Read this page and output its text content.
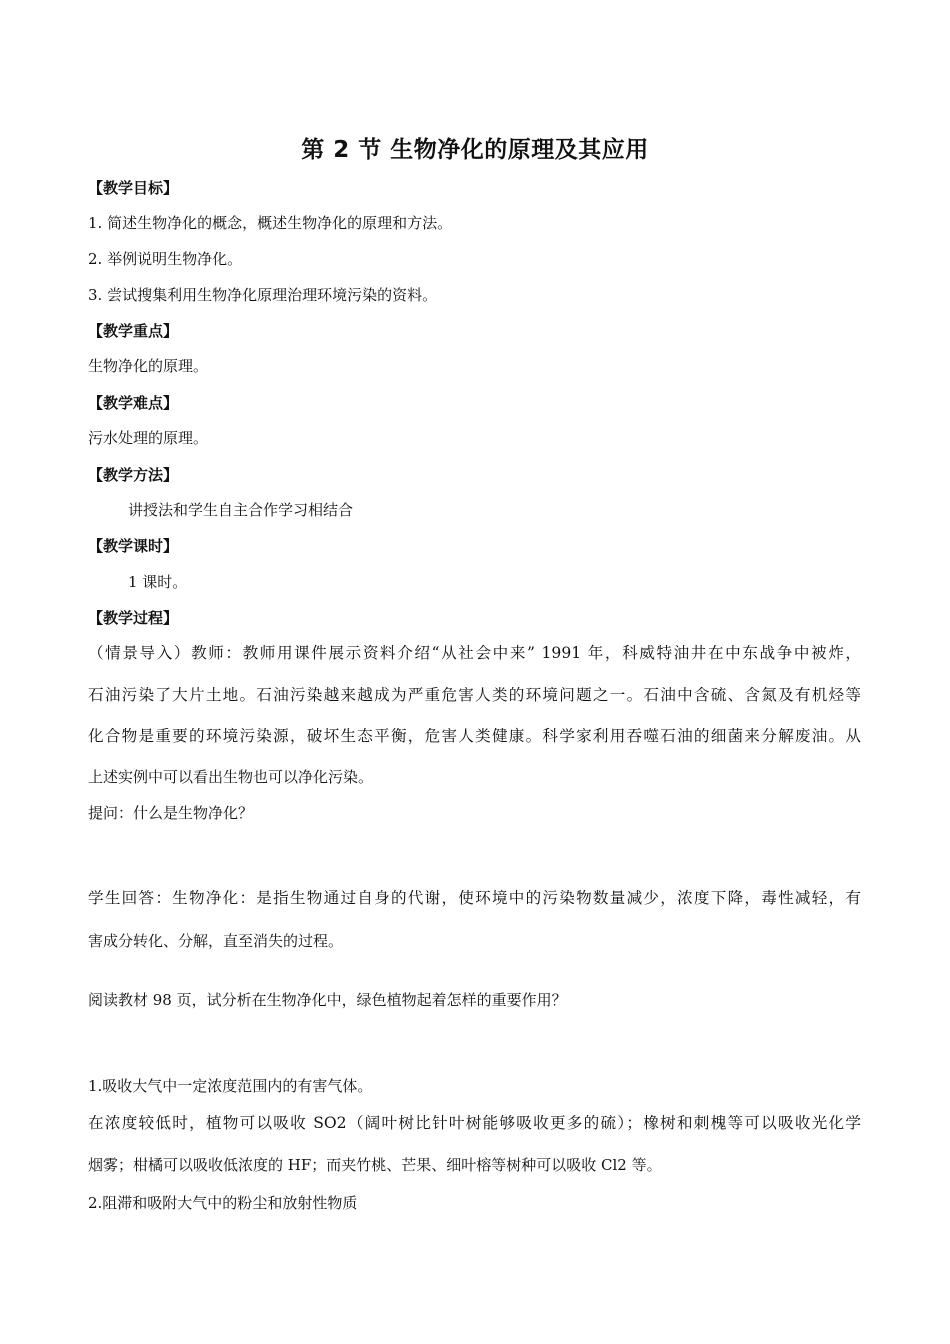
第 2 节 生物净化的原理及其应用
【教学目标】
1. 简述生物净化的概念，概述生物净化的原理和方法。
2. 举例说明生物净化。
3. 尝试搜集利用生物净化原理治理环境污染的资料。
【教学重点】
生物净化的原理。
【教学难点】
污水处理的原理。
【教学方法】
讲授法和学生自主合作学习相结合
【教学课时】
1 课时。
【教学过程】
（情景导入）教师：教师用课件展示资料介绍“从社会中来” 1991 年，科威特油井在中东战争中被炸，
石油污染了大片土地。石油污染越来越成为严重危害人类的环境问题之一。石油中含硫、含氮及有机烃等
化合物是重要的环境污染源，破坏生态平衡，危害人类健康。科学家利用吞噬石油的细菌来分解废油。从
上述实例中可以看出生物也可以净化污染。
提问：什么是生物净化？
学生回答：生物净化：是指生物通过自身的代谢，使环境中的污染物数量减少，浓度下降，毒性减轻，有
害成分转化、分解，直至消失的过程。
阅读教材 98 页，试分析在生物净化中，绿色植物起着怎样的重要作用？
1.吸收大气中一定浓度范围内的有害气体。
在浓度较低时，植物可以吸收 SO2（阔叶树比针叶树能够吸收更多的硫）；橡树和刺槐等可以吸收光化学
烟雾；柑橘可以吸收低浓度的 HF；而夹竹桃、芒果、细叶榕等树种可以吸收 Cl2 等。
2.阻滞和吸附大气中的粉尘和放射性物质
